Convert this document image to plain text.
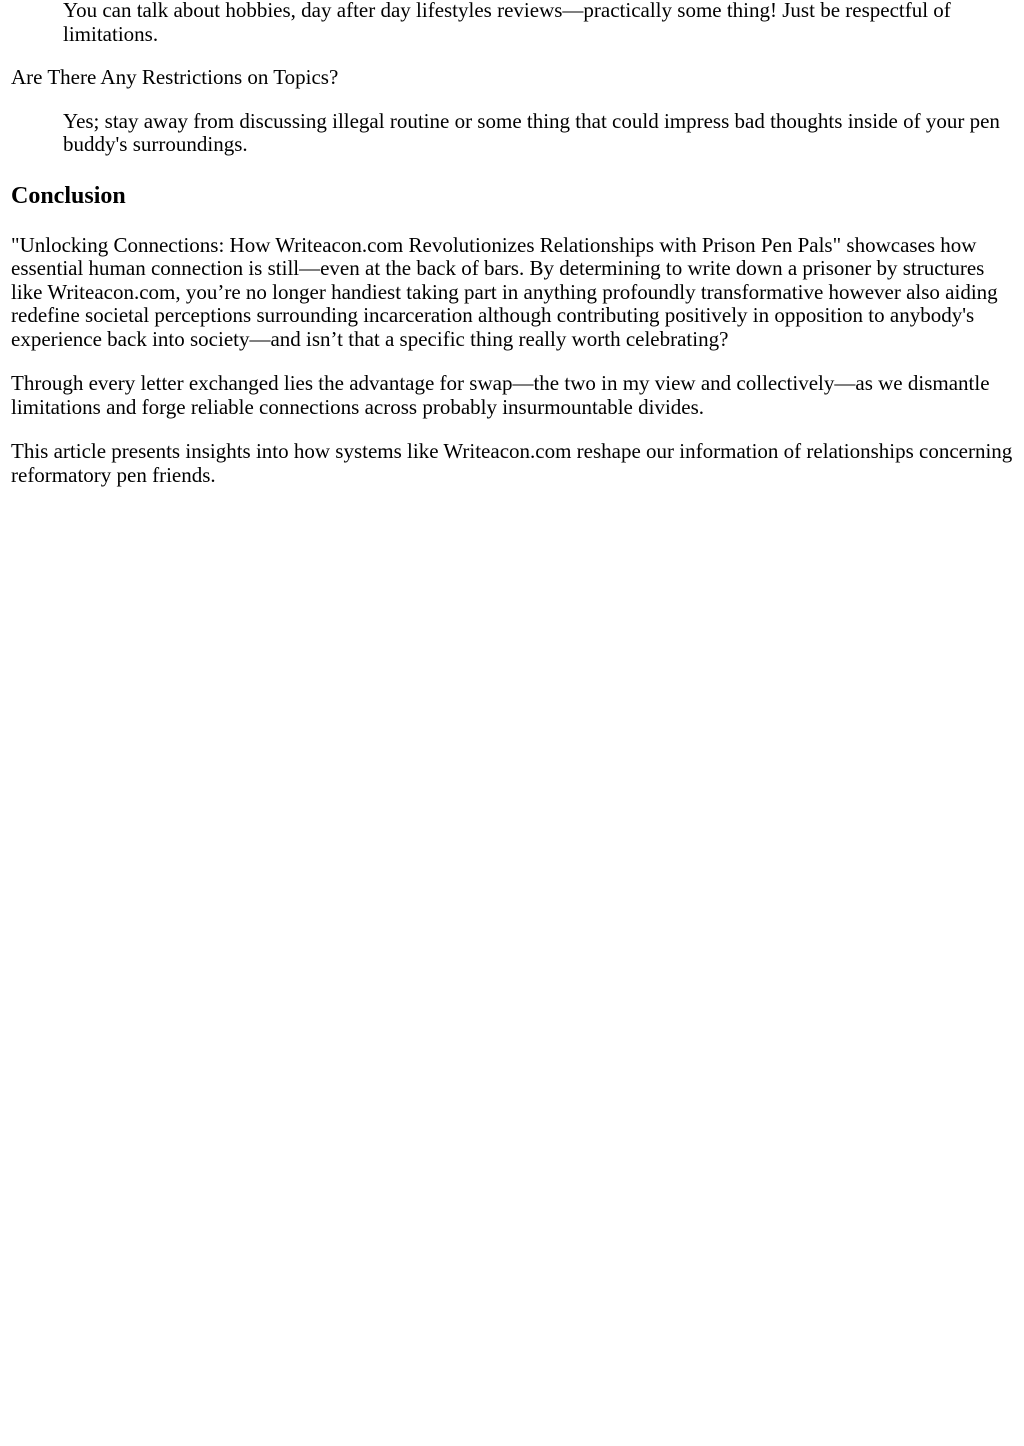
You can talk about hobbies, day after day lifestyles reviews—practically some thing! Just be respectful of limitations.

Are There Any Restrictions on Topics?

Yes; stay away from discussing illegal routine or some thing that could impress bad thoughts inside of your pen buddy's surroundings.

Conclusion

"Unlocking Connections: How Writeacon.com Revolutionizes Relationships with Prison Pen Pals" showcases how essential human connection is still—even at the back of bars. By determining to write down a prisoner by structures like Writeacon.com, you’re no longer handiest taking part in anything profoundly transformative however also aiding redefine societal perceptions surrounding incarceration although contributing positively in opposition to anybody's experience back into society—and isn’t that a specific thing really worth celebrating?

Through every letter exchanged lies the advantage for swap—the two in my view and collectively—as we dismantle limitations and forge reliable connections across probably insurmountable divides.

This article presents insights into how systems like Writeacon.com reshape our information of relationships concerning reformatory pen friends.
